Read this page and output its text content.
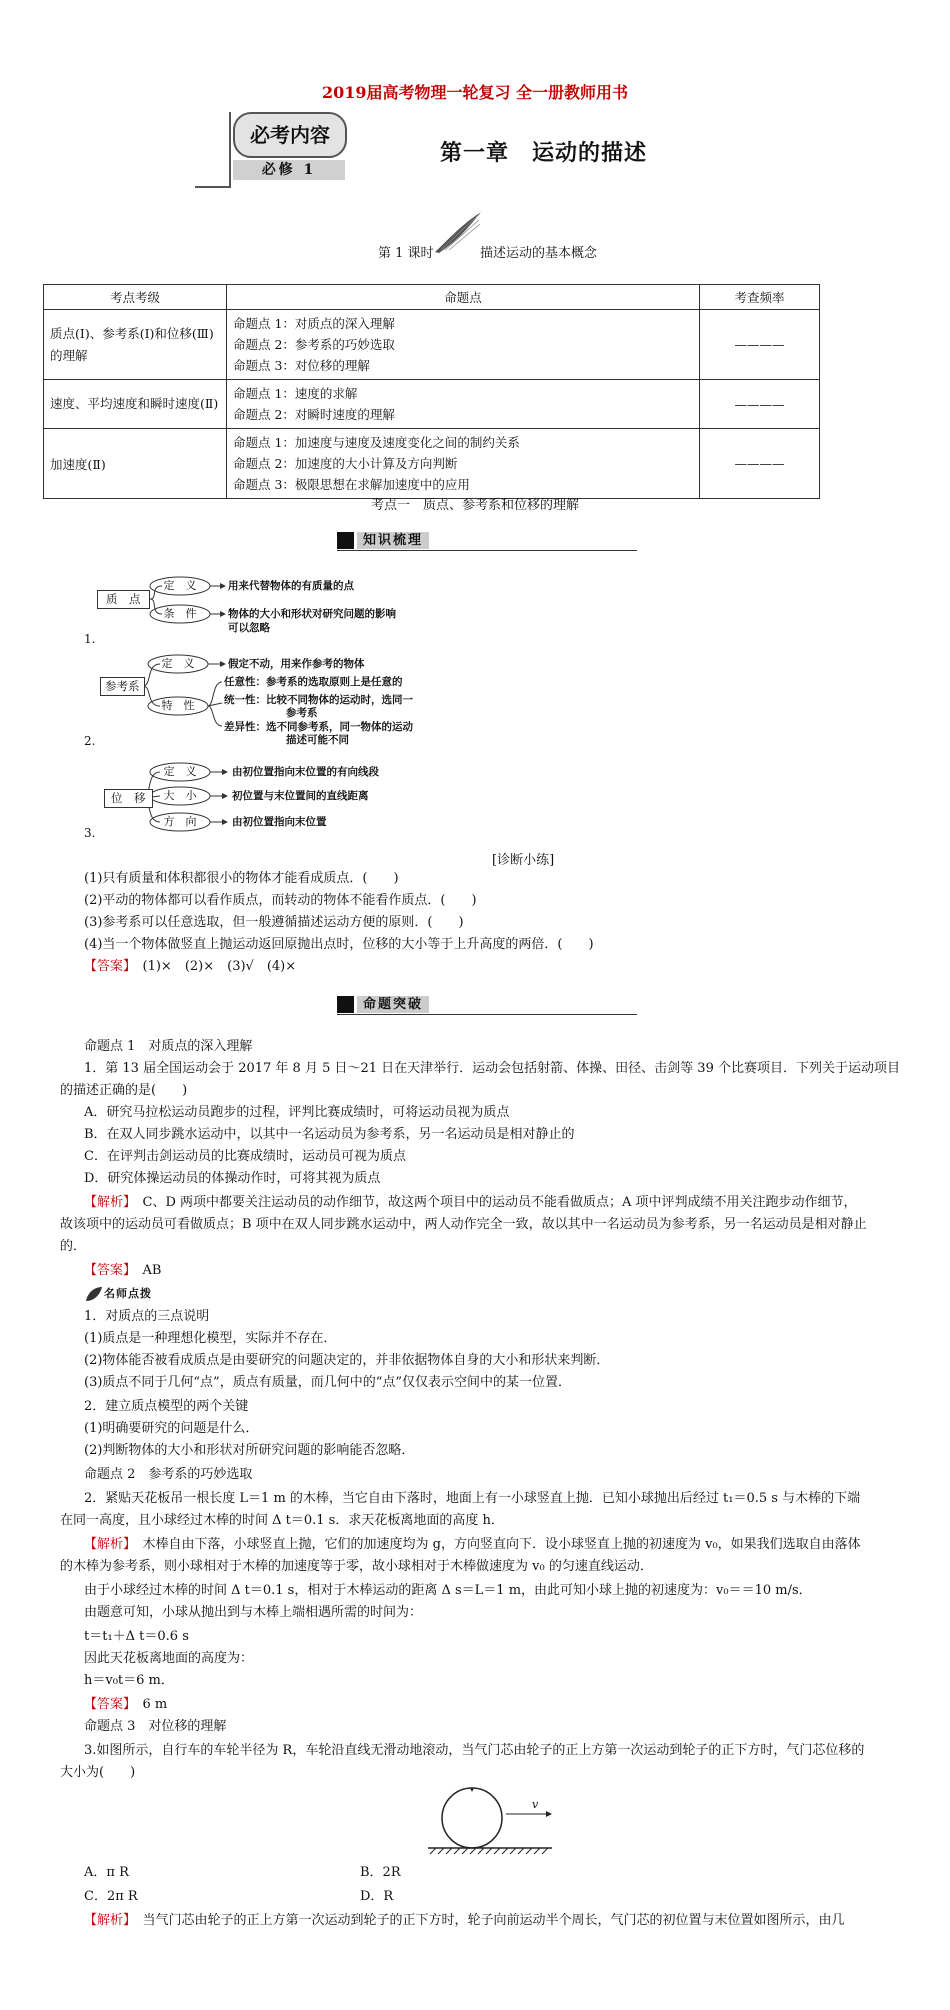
2019届高考物理一轮复习 全一册教师用书
必考内容
必修 1
第一章　运动的描述
第 1 课时	描述运动的基本概念
考点考级	命题点	考查频率
质点(Ⅰ)、参考系(Ⅰ)和位移(Ⅲ)的理解	命题点 1：对质点的深入理解
命题点 2：参考系的巧妙选取
命题点 3：对位移的理解	————
速度、平均速度和瞬时速度(Ⅱ)	命题点 1：速度的求解
命题点 2：对瞬时速度的理解	————
加速度(Ⅱ)	命题点 1：加速度与速度及速度变化之间的制约关系
命题点 2：加速度的大小计算及方向判断
命题点 3：极限思想在求解加速度中的应用	————
考点一　质点、参考系和位移的理解
知识梳理
质　点
定　义	用来代替物体的有质量的点
条　件	物体的大小和形状对研究问题的影响
可以忽略
1.
参考系
定　义	假定不动，用来作参考的物体
特　性
任意性：参考系的选取原则上是任意的
统一性：比较不同物体的运动时，选同一
参考系
差异性：选不同参考系，同一物体的运动
描述可能不同
2.
位　移
定　义	由初位置指向末位置的有向线段
大　小	初位置与末位置间的直线距离
方　向	由初位置指向末位置
3.
[诊断小练]
(1)只有质量和体积都很小的物体才能看成质点．(　　)
(2)平动的物体都可以看作质点，而转动的物体不能看作质点．(　　)
(3)参考系可以任意选取，但一般遵循描述运动方便的原则．(　　)
(4)当一个物体做竖直上抛运动返回原抛出点时，位移的大小等于上升高度的两倍．(　　)
【答案】　(1)×　(2)×　(3)√　(4)×
命题突破
命题点 1　对质点的深入理解
1．第 13 届全国运动会于 2017 年 8 月 5 日～21 日在天津举行．运动会包括射箭、体操、田径、击剑等 39 个比赛项目．下列关于运动项目
的描述正确的是(　　)
A．研究马拉松运动员跑步的过程，评判比赛成绩时，可将运动员视为质点
B．在双人同步跳水运动中，以其中一名运动员为参考系，另一名运动员是相对静止的
C．在评判击剑运动员的比赛成绩时，运动员可视为质点
D．研究体操运动员的体操动作时，可将其视为质点
【解析】　C、D 两项中都要关注运动员的动作细节，故这两个项目中的运动员不能看做质点；A 项中评判成绩不用关注跑步动作细节，
故该项中的运动员可看做质点；B 项中在双人同步跳水运动中，两人动作完全一致，故以其中一名运动员为参考系，另一名运动员是相对静止
的．
【答案】　AB
名师点拨
1．对质点的三点说明
(1)质点是一种理想化模型，实际并不存在．
(2)物体能否被看成质点是由要研究的问题决定的，并非依据物体自身的大小和形状来判断．
(3)质点不同于几何“点”，质点有质量，而几何中的“点”仅仅表示空间中的某一位置．
2．建立质点模型的两个关键
(1)明确要研究的问题是什么．
(2)判断物体的大小和形状对所研究问题的影响能否忽略．
命题点 2　参考系的巧妙选取
2．紧贴天花板吊一根长度 L＝1 m 的木棒，当它自由下落时，地面上有一小球竖直上抛．已知小球抛出后经过 t₁＝0.5 s 与木棒的下端
在同一高度，且小球经过木棒的时间 Δ t＝0.1 s．求天花板离地面的高度 h．
【解析】　木棒自由下落，小球竖直上抛，它们的加速度均为 g，方向竖直向下．设小球竖直上抛的初速度为 v₀，如果我们选取自由落体
的木棒为参考系，则小球相对于木棒的加速度等于零，故小球相对于木棒做速度为 v₀ 的匀速直线运动．
由于小球经过木棒的时间 Δ t＝0.1 s，相对于木棒运动的距离 Δ s＝L＝1 m，由此可知小球上抛的初速度为：v₀＝＝10 m/s．
由题意可知，小球从抛出到与木棒上端相遇所需的时间为：
t＝t₁＋Δ t＝0.6 s
因此天花板离地面的高度为：
h＝v₀t＝6 m．
【答案】　6 m
命题点 3　对位移的理解
3.如图所示，自行车的车轮半径为 R，车轮沿直线无滑动地滚动，当气门芯由轮子的正上方第一次运动到轮子的正下方时，气门芯位移的
大小为(　　)
v
A．π R	B．2R
C．2π R	D．R
【解析】　当气门芯由轮子的正上方第一次运动到轮子的正下方时，轮子向前运动半个周长，气门芯的初位置与末位置如图所示，由几
